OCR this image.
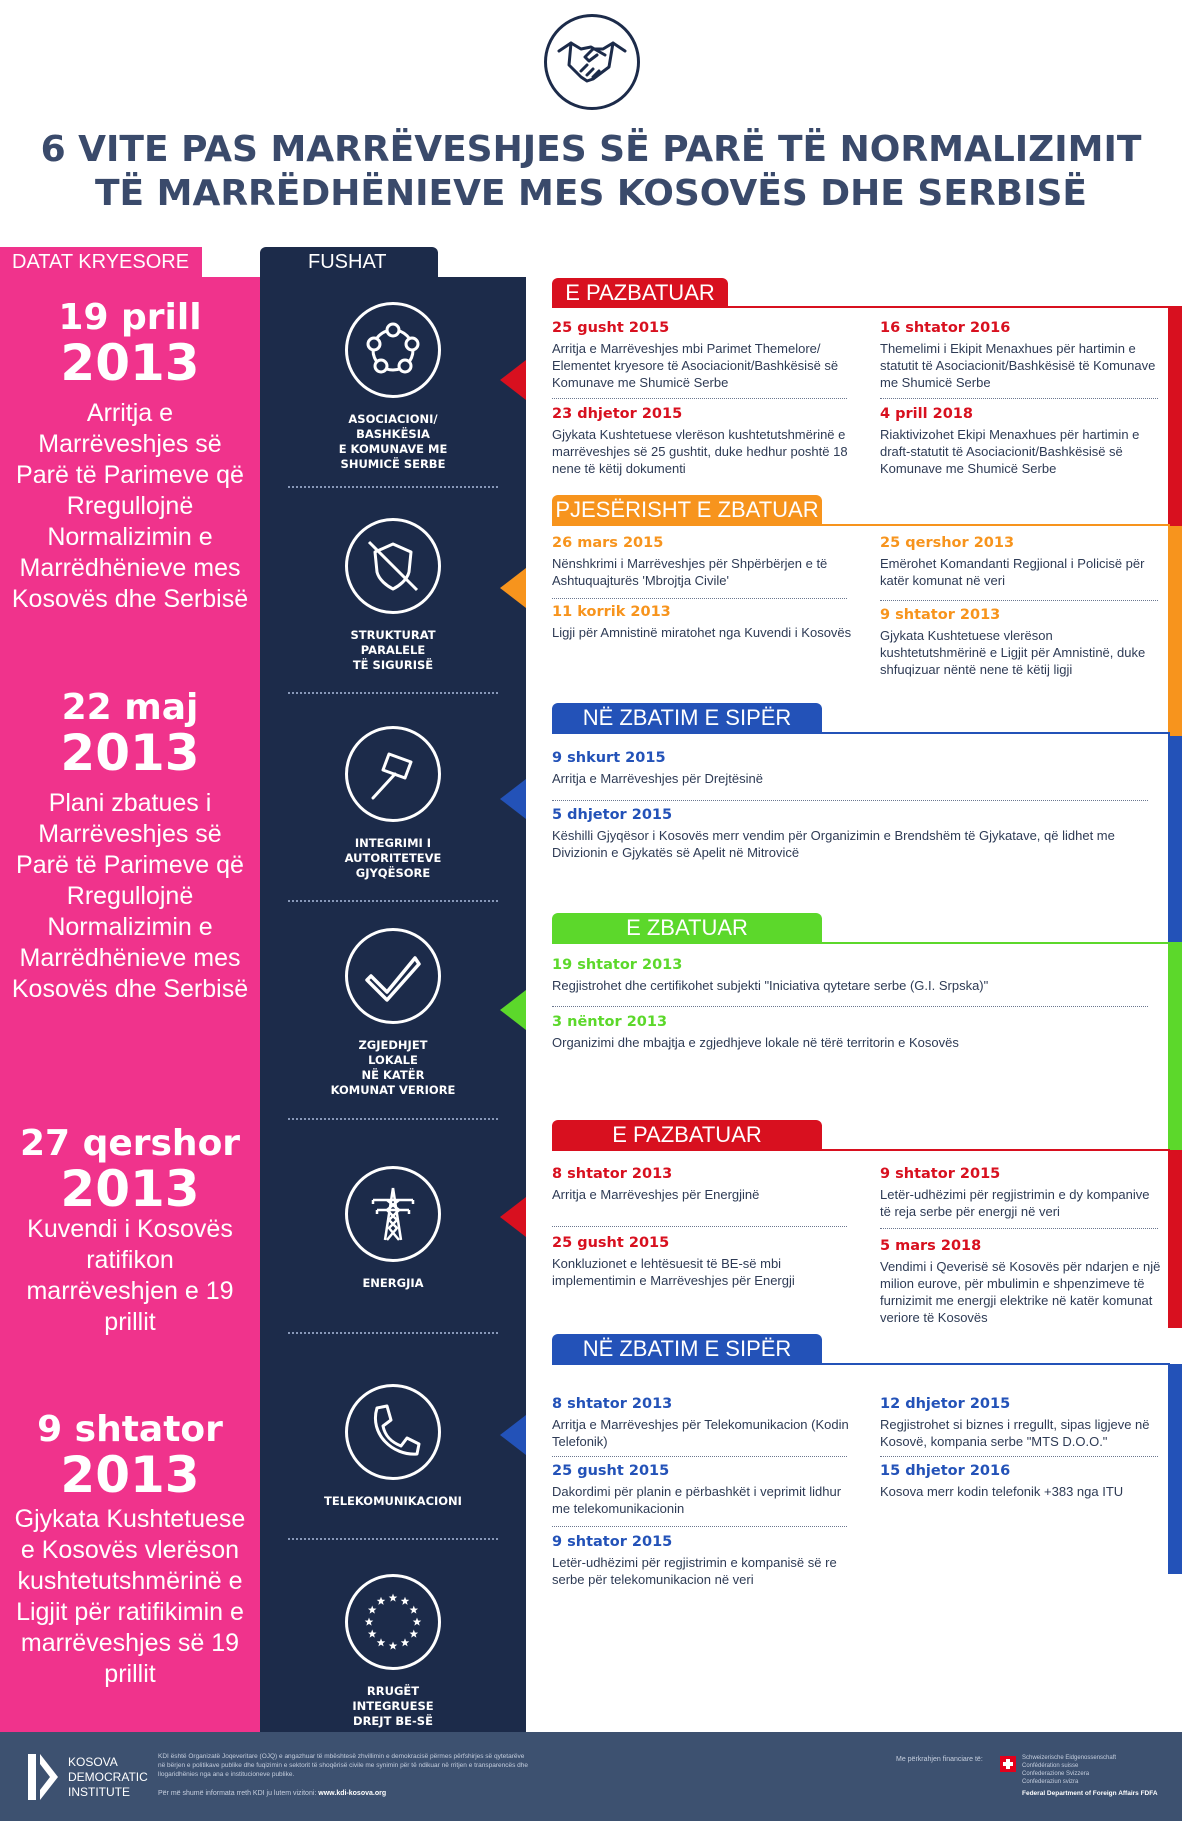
6 VITE PAS MARRËVESHJES SË PARË TË NORMALIZIMIT
TË MARRËDHËNIEVE MES KOSOVËS DHE SERBISË
DATAT KRYESORE	FUSHAT
19 prill
2013
Arritja e Marrëveshjes së Parë të Parimeve që Rregullojnë Normalizimin e Marrëdhënieve mes Kosovës dhe Serbisë
22 maj
2013
Plani zbatues i Marrëveshjes së Parë të Parimeve që Rregullojnë Normalizimin e Marrëdhënieve mes Kosovës dhe Serbisë
27 qershor
2013
Kuvendi i Kosovës ratifikon marrëveshjen e 19 prillit
9 shtator
2013
Gjykata Kushtetuese e Kosovës vlerëson kushtetutshmërinë e Ligjit për ratifikimin e marrëveshjes së 19 prillit
ASOCIACIONI/
BASHKËSIA
E KOMUNAVE ME
SHUMICË SERBE
STRUKTURAT
PARALELE
TË SIGURISË
INTEGRIMI I
AUTORITETEVE
GJYQËSORE
ZGJEDHJET
LOKALE
NË KATËR
KOMUNAT VERIORE
ENERGJIA
TELEKOMUNIKACIONI
RRUGËT
INTEGRUESE
DREJT BE-SË
E PAZBATUAR
25 gusht 2015
Arritja e Marrëveshjes mbi Parimet Themelore/ Elementet kryesore të Asociacionit/Bashkësisë së Komunave me Shumicë Serbe
16 shtator 2016
Themelimi i Ekipit Menaxhues për hartimin e statutit të Asociacionit/Bashkësisë të Komunave me Shumicë Serbe
23 dhjetor 2015
Gjykata Kushtetuese vlerëson kushtetutshmërinë e marrëveshjes së 25 gushtit, duke hedhur poshtë 18 nene të këtij dokumenti
4 prill 2018
Riaktivizohet Ekipi Menaxhues për hartimin e draft-statutit të Asociacionit/Bashkësisë së Komunave me Shumicë Serbe
PJESËRISHT E ZBATUAR
26 mars 2015
Nënshkrimi i Marrëveshjes për Shpërbërjen e të Ashtuquajturës 'Mbrojtja Civile'
25 qershor 2013
Emërohet Komandanti Regjional i Policisë për katër komunat në veri
11 korrik 2013
Ligji për Amnistinë miratohet nga Kuvendi i Kosovës
9 shtator 2013
Gjykata Kushtetuese vlerëson kushtetutshmërinë e Ligjit për Amnistinë, duke shfuqizuar nëntë nene të këtij ligji
NË ZBATIM E SIPËR
9 shkurt 2015
Arritja e Marrëveshjes për Drejtësinë
5 dhjetor 2015
Këshilli Gjyqësor i Kosovës merr vendim për Organizimin e Brendshëm të Gjykatave, që lidhet me Divizionin e Gjykatës së Apelit në Mitrovicë
E ZBATUAR
19 shtator 2013
Regjistrohet dhe certifikohet subjekti "Iniciativa qytetare serbe (G.I. Srpska)"
3 nëntor 2013
Organizimi dhe mbajtja e zgjedhjeve lokale në tërë territorin e Kosovës
E PAZBATUAR
8 shtator 2013
Arritja e Marrëveshjes për Energjinë
9 shtator 2015
Letër-udhëzimi për regjistrimin e dy kompanive të reja serbe për energji në veri
25 gusht 2015
Konkluzionet e lehtësuesit të BE-së mbi implementimin e Marrëveshjes për Energji
5 mars 2018
Vendimi i Qeverisë së Kosovës për ndarjen e një milion eurove, për mbulimin e shpenzimeve të furnizimit me energji elektrike në katër komunat veriore të Kosovës
NË ZBATIM E SIPËR
8 shtator 2013
Arritja e Marrëveshjes për Telekomunikacion (Kodin Telefonik)
12 dhjetor 2015
Regjistrohet si biznes i rregullt, sipas ligjeve në Kosovë, kompania serbe "MTS D.O.O."
25 gusht 2015
Dakordimi për planin e përbashkët i veprimit lidhur me telekomunikacionin
15 dhjetor 2016
Kosova merr kodin telefonik +383 nga ITU
9 shtator 2015
Letër-udhëzimi për regjistrimin e kompanisë së re serbe për telekomunikacion në veri
KOSOVA
DEMOCRATIC
INSTITUTE
KDI është Organizatë Joqeveritare (OJQ) e angazhuar të mbështesë zhvillimin e demokracisë përmes përfshirjes së qytetarëve në bërjen e politikave publike dhe fuqizimin e sektorit të shoqërisë civile me synimin për të ndikuar në rritjen e transparencës dhe llogaridhënies nga ana e institucioneve publike.
Për më shumë informata rreth KDI ju lutem vizitoni: www.kdi-kosova.org
Me përkrahjen financiare të:	Schweizerische Eidgenossenschaft
Confédération suisse
Confederazione Svizzera
Confederaziun svizra
Federal Department of Foreign Affairs FDFA
